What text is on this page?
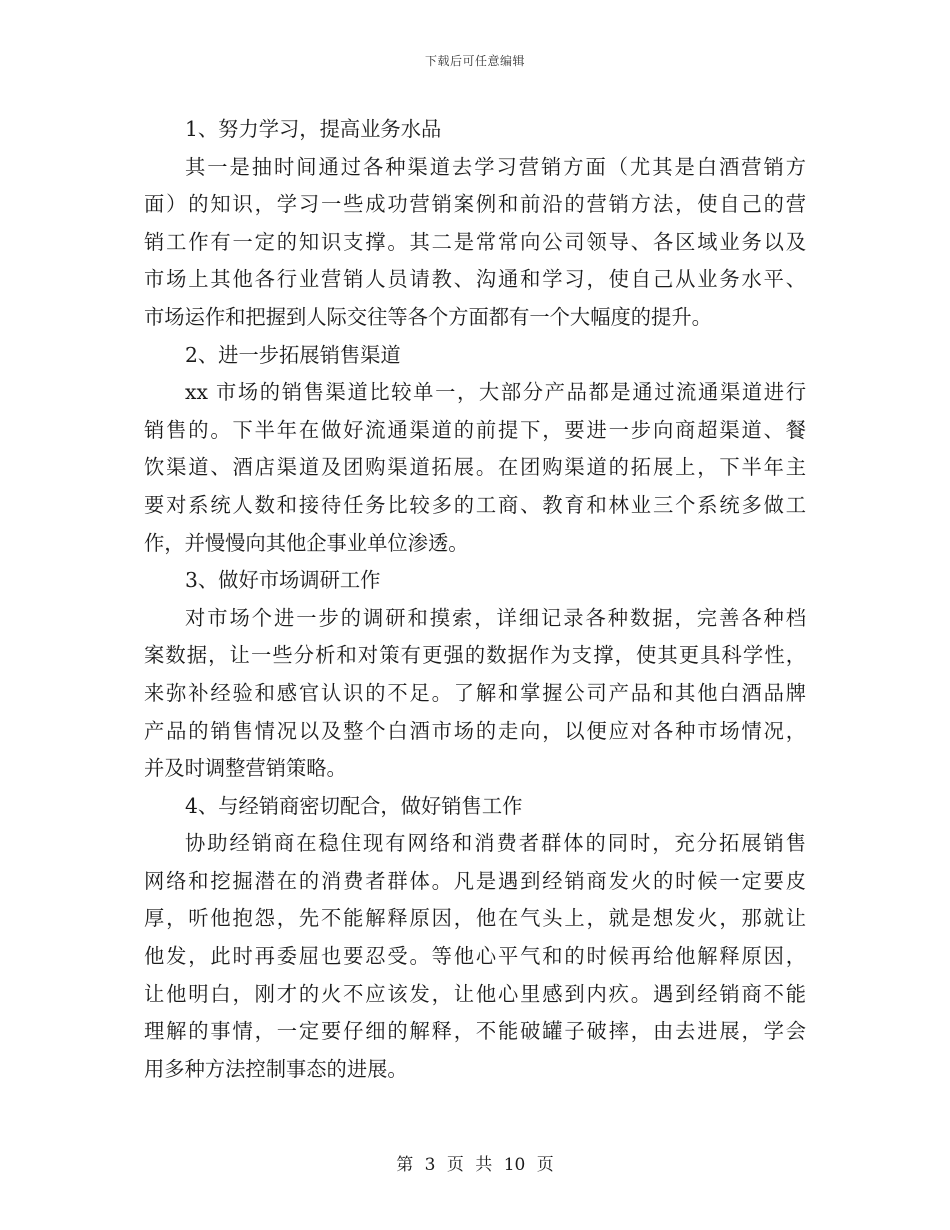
下载后可任意编辑
1、努力学习，提高业务水品
其一是抽时间通过各种渠道去学习营销方面（尤其是白酒营销方
面）的知识，学习一些成功营销案例和前沿的营销方法，使自己的营
销工作有一定的知识支撑。其二是常常向公司领导、各区域业务以及
市场上其他各行业营销人员请教、沟通和学习，使自己从业务水平、
市场运作和把握到人际交往等各个方面都有一个大幅度的提升。
2、进一步拓展销售渠道
xx 市场的销售渠道比较单一，大部分产品都是通过流通渠道进行
销售的。下半年在做好流通渠道的前提下，要进一步向商超渠道、餐
饮渠道、酒店渠道及团购渠道拓展。在团购渠道的拓展上，下半年主
要对系统人数和接待任务比较多的工商、教育和林业三个系统多做工
作，并慢慢向其他企事业单位渗透。
3、做好市场调研工作
对市场个进一步的调研和摸索，详细记录各种数据，完善各种档
案数据，让一些分析和对策有更强的数据作为支撑，使其更具科学性，
来弥补经验和感官认识的不足。了解和掌握公司产品和其他白酒品牌
产品的销售情况以及整个白酒市场的走向，以便应对各种市场情况，
并及时调整营销策略。
4、与经销商密切配合，做好销售工作
协助经销商在稳住现有网络和消费者群体的同时，充分拓展销售
网络和挖掘潜在的消费者群体。凡是遇到经销商发火的时候一定要皮
厚，听他抱怨，先不能解释原因，他在气头上，就是想发火，那就让
他发，此时再委屈也要忍受。等他心平气和的时候再给他解释原因，
让他明白，刚才的火不应该发，让他心里感到内疚。遇到经销商不能
理解的事情，一定要仔细的解释，不能破罐子破摔，由去进展，学会
用多种方法控制事态的进展。
第 3 页 共 10 页
